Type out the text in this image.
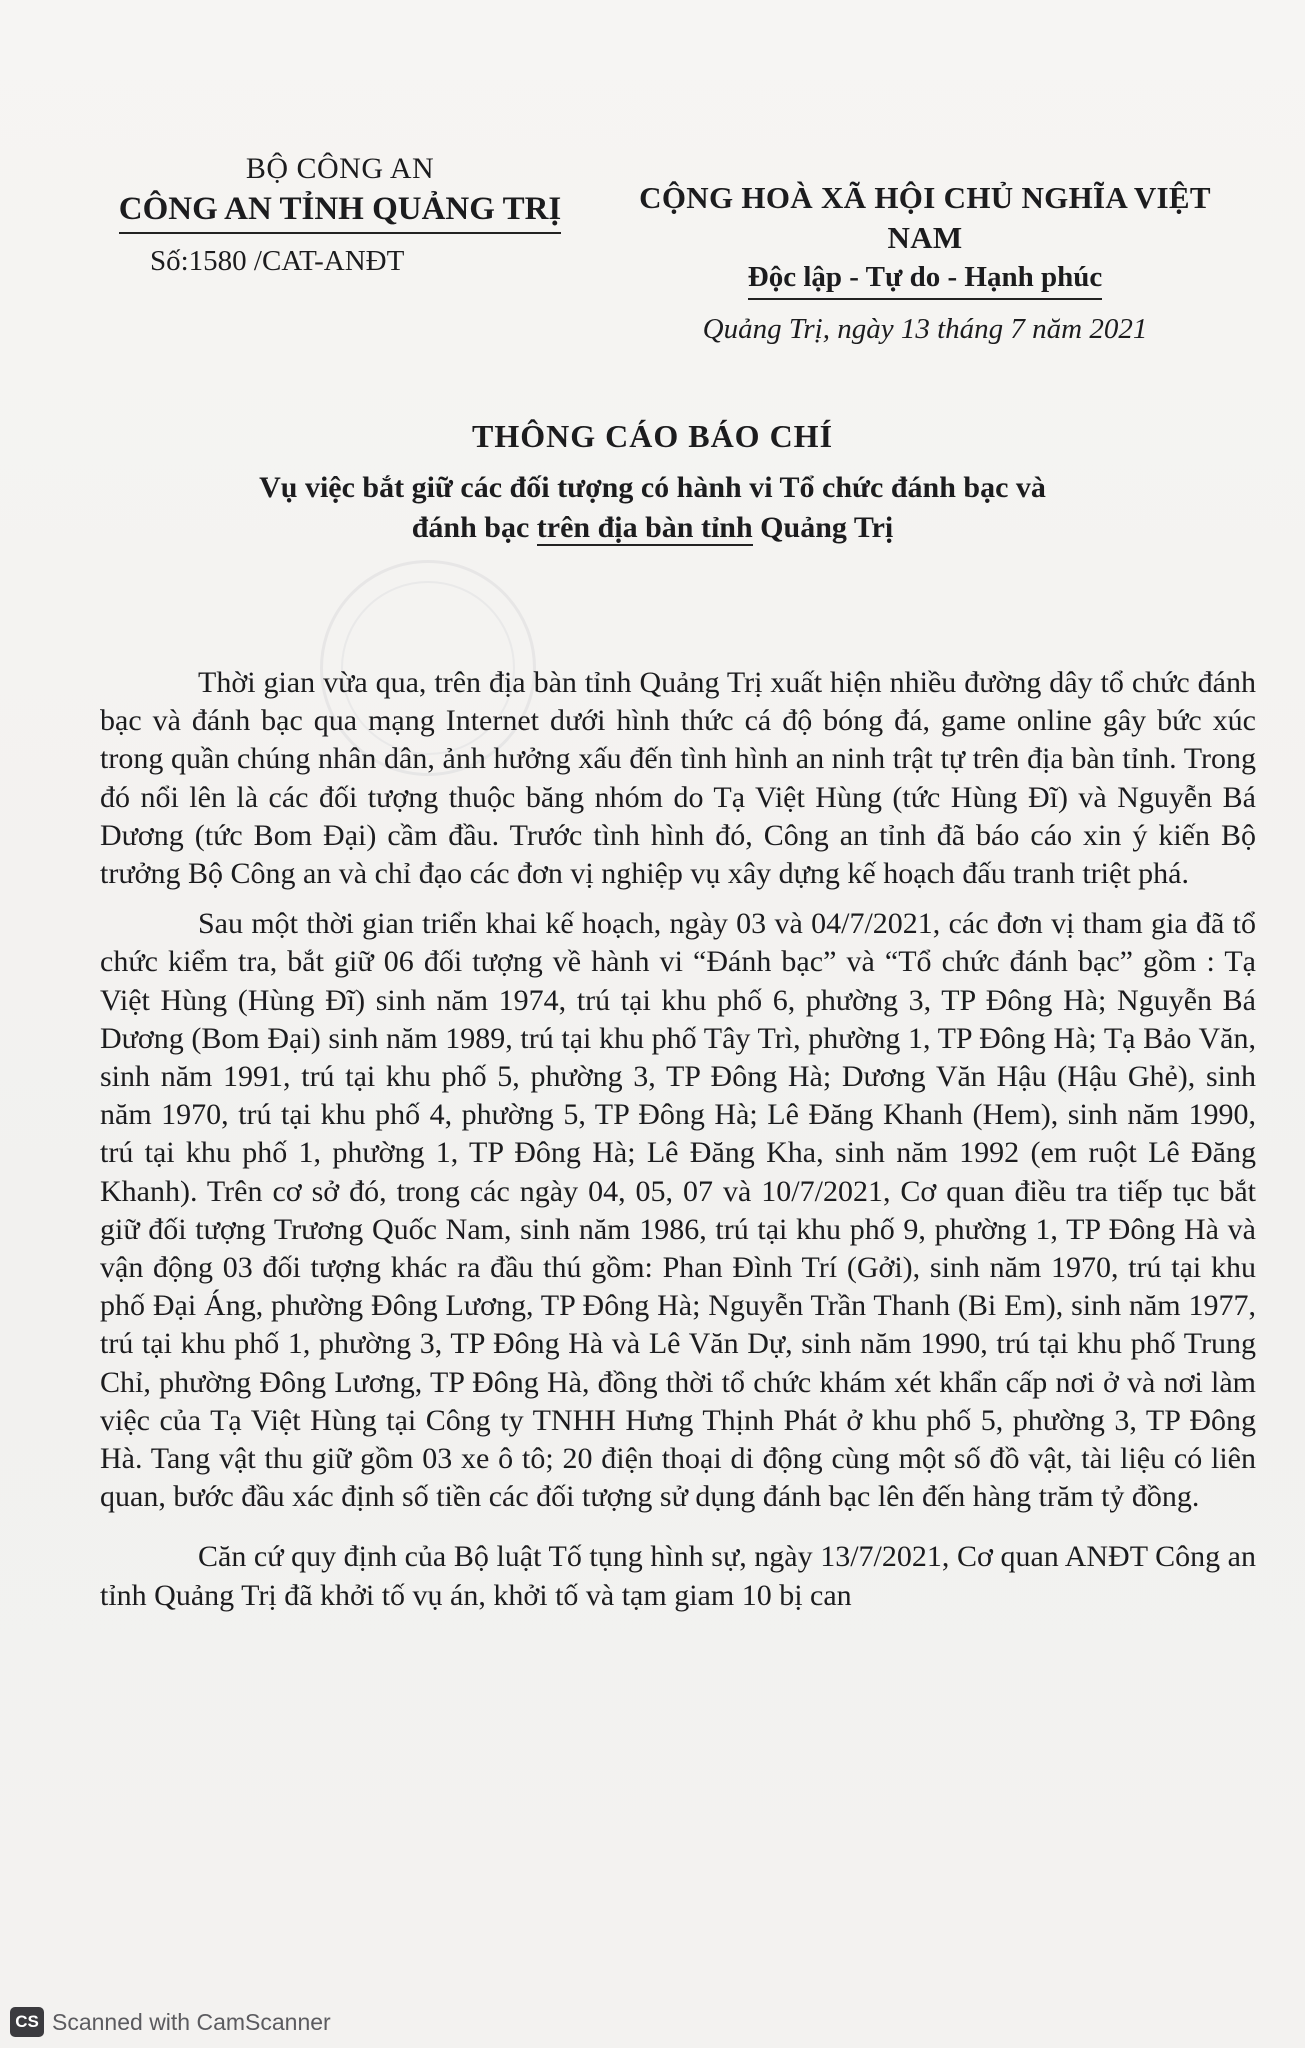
BỘ CÔNG AN
CÔNG AN TỈNH QUẢNG TRỊ
Số:1580 /CAT-ANĐT
CỘNG HOÀ XÃ HỘI CHỦ NGHĨA VIỆT NAM
Độc lập - Tự do - Hạnh phúc
Quảng Trị, ngày 13 tháng 7 năm 2021
THÔNG CÁO BÁO CHÍ
Vụ việc bắt giữ các đối tượng có hành vi Tổ chức đánh bạc và
đánh bạc trên địa bàn tỉnh Quảng Trị

Thời gian vừa qua, trên địa bàn tỉnh Quảng Trị xuất hiện nhiều đường dây tổ chức đánh bạc và đánh bạc qua mạng Internet dưới hình thức cá độ bóng đá, game online gây bức xúc trong quần chúng nhân dân, ảnh hưởng xấu đến tình hình an ninh trật tự trên địa bàn tỉnh. Trong đó nổi lên là các đối tượng thuộc băng nhóm do Tạ Việt Hùng (tức Hùng Đĩ) và Nguyễn Bá Dương (tức Bom Đại) cầm đầu. Trước tình hình đó, Công an tỉnh đã báo cáo xin ý kiến Bộ trưởng Bộ Công an và chỉ đạo các đơn vị nghiệp vụ xây dựng kế hoạch đấu tranh triệt phá.

Sau một thời gian triển khai kế hoạch, ngày 03 và 04/7/2021, các đơn vị tham gia đã tổ chức kiểm tra, bắt giữ 06 đối tượng về hành vi “Đánh bạc” và “Tổ chức đánh bạc” gồm : Tạ Việt Hùng (Hùng Đĩ) sinh năm 1974, trú tại khu phố 6, phường 3, TP Đông Hà; Nguyễn Bá Dương (Bom Đại) sinh năm 1989, trú tại khu phố Tây Trì, phường 1, TP Đông Hà; Tạ Bảo Văn, sinh năm 1991, trú tại khu phố 5, phường 3, TP Đông Hà; Dương Văn Hậu (Hậu Ghẻ), sinh năm 1970, trú tại khu phố 4, phường 5, TP Đông Hà; Lê Đăng Khanh (Hem), sinh năm 1990, trú tại khu phố 1, phường 1, TP Đông Hà; Lê Đăng Kha, sinh năm 1992 (em ruột Lê Đăng Khanh). Trên cơ sở đó, trong các ngày 04, 05, 07 và 10/7/2021, Cơ quan điều tra tiếp tục bắt giữ đối tượng Trương Quốc Nam, sinh năm 1986, trú tại khu phố 9, phường 1, TP Đông Hà và vận động 03 đối tượng khác ra đầu thú gồm: Phan Đình Trí (Gởi), sinh năm 1970, trú tại khu phố Đại Áng, phường Đông Lương, TP Đông Hà; Nguyễn Trần Thanh (Bi Em), sinh năm 1977, trú tại khu phố 1, phường 3, TP Đông Hà và Lê Văn Dự, sinh năm 1990, trú tại khu phố Trung Chỉ, phường Đông Lương, TP Đông Hà, đồng thời tổ chức khám xét khẩn cấp nơi ở và nơi làm việc của Tạ Việt Hùng tại Công ty TNHH Hưng Thịnh Phát ở khu phố 5, phường 3, TP Đông Hà. Tang vật thu giữ gồm 03 xe ô tô; 20 điện thoại di động cùng một số đồ vật, tài liệu có liên quan, bước đầu xác định số tiền các đối tượng sử dụng đánh bạc lên đến hàng trăm tỷ đồng.

Căn cứ quy định của Bộ luật Tố tụng hình sự, ngày 13/7/2021, Cơ quan ANĐT Công an tỉnh Quảng Trị đã khởi tố vụ án, khởi tố và tạm giam 10 bị can

CS Scanned with CamScanner
